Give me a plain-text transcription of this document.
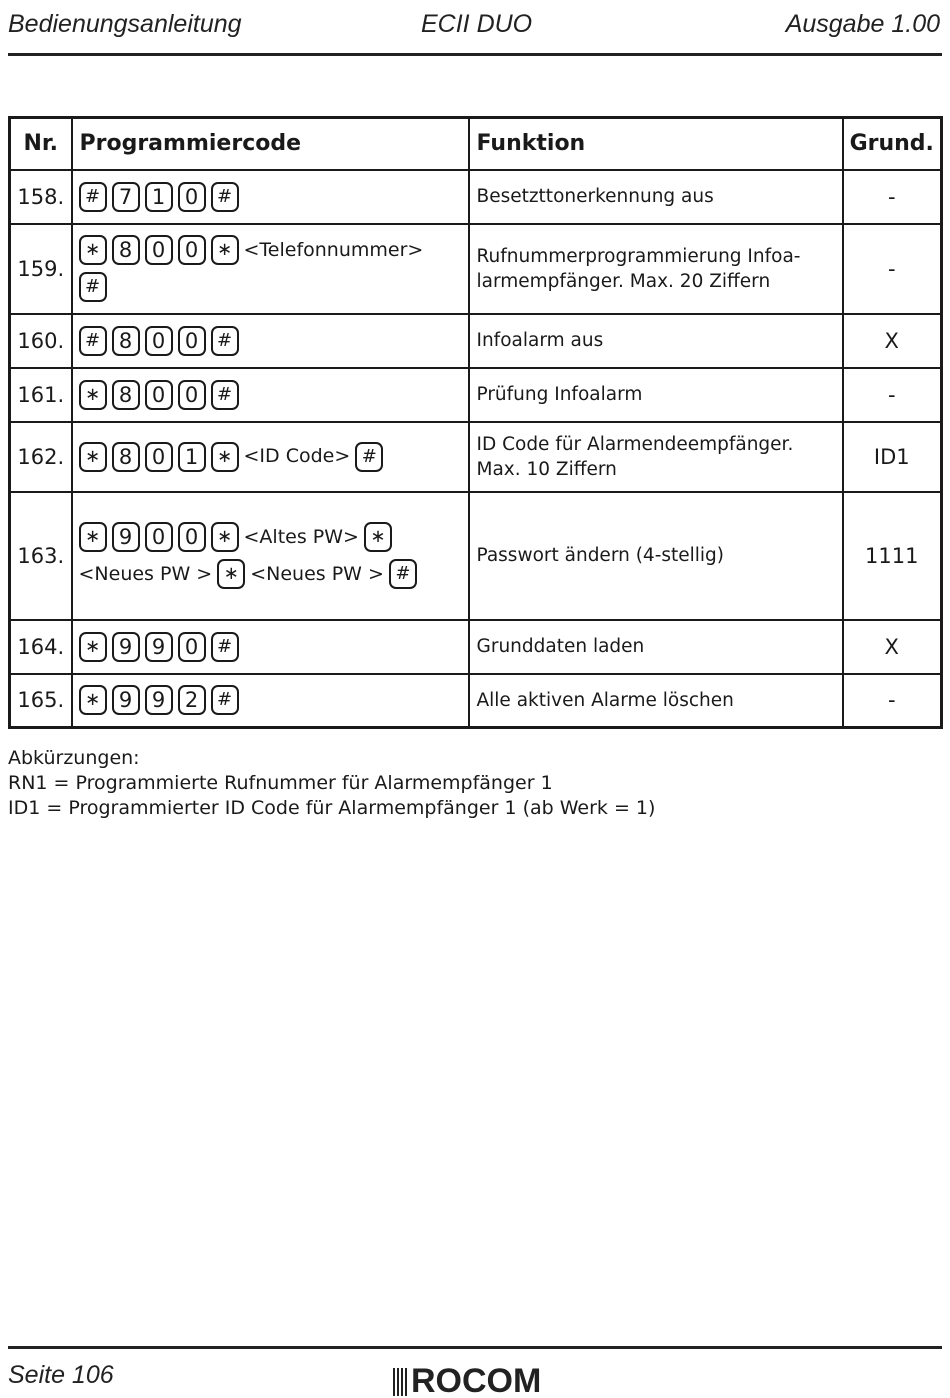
Bedienungsanleitung	ECII DUO	Ausgabe 1.00
Nr.	Programmiercode	Funktion	Grund.
158.	# 7 1 0 #	Besetzttonerkennung aus	-
159.	∗ 8 0 0 ∗ <Telefonnummer> #	Rufnummerprogrammierung Infoa-
larmempfänger. Max. 20 Ziffern	-
160.	# 8 0 0 #	Infoalarm aus	X
161.	∗ 8 0 0 #	Prüfung Infoalarm	-
162.	∗ 8 0 1 ∗ <ID Code> #	ID Code für Alarmendeempfänger.
Max. 10 Ziffern	ID1
163.	∗ 9 0 0 ∗ <Altes PW> ∗<Neues PW > ∗ <Neues PW > #	Passwort ändern (4-stellig)	1111
164.	∗ 9 9 0 #	Grunddaten laden	X
165.	∗ 9 9 2 #	Alle aktiven Alarme löschen	-
Abkürzungen:
RN1 = Programmierte Rufnummer für Alarmempfänger 1
ID1 = Programmierter ID Code für Alarmempfänger 1 (ab Werk = 1)
Seite 106	ROCOM
